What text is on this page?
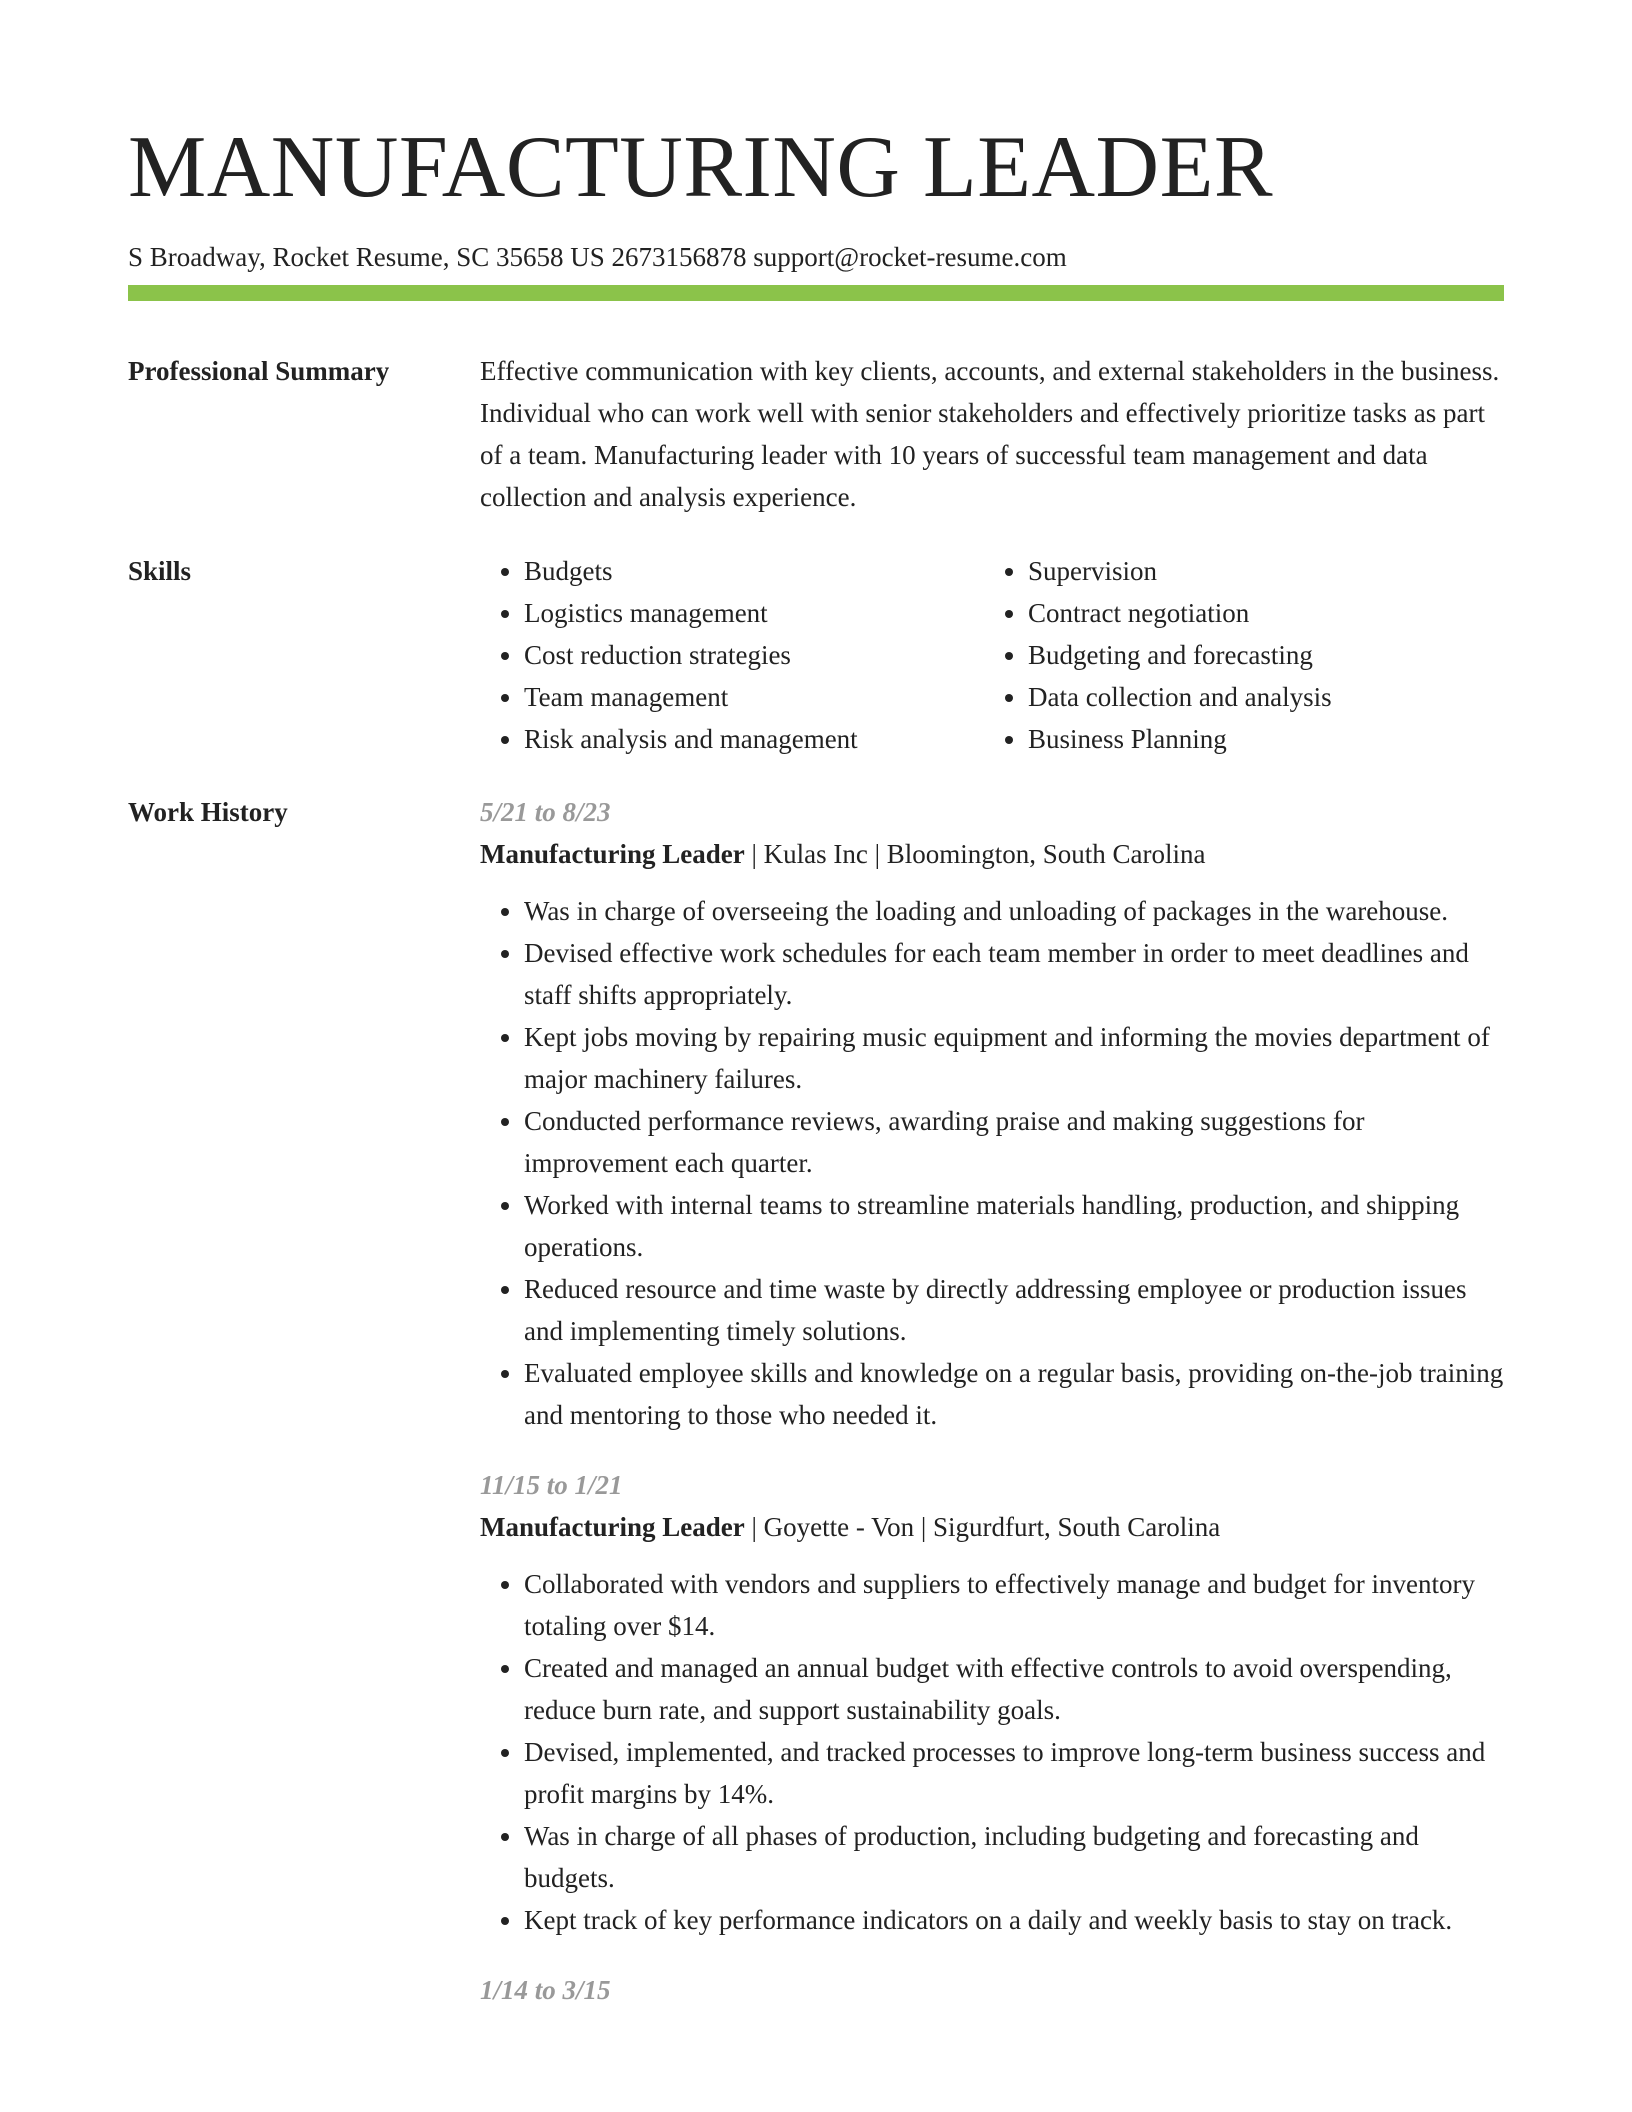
MANUFACTURING LEADER
S Broadway, Rocket Resume, SC 35658 US 2673156878 support@rocket-resume.com
Professional Summary	Effective communication with key clients, accounts, and external stakeholders in the business. Individual who can work well with senior stakeholders and effectively prioritize tasks as part of a team. Manufacturing leader with 10 years of successful team management and data collection and analysis experience.

Skills
•	Budgets
• Logistics management
• Cost reduction strategies
• Team management
• Risk analysis and management
• Supervision
• Contract negotiation
• Budgeting and forecasting
• Data collection and analysis
• Business Planning
Work History	5/21 to 8/23
Manufacturing Leader | Kulas Inc | Bloomington, South Carolina
• Was in charge of overseeing the loading and unloading of packages in the warehouse.
• Devised effective work schedules for each team member in order to meet deadlines and staff shifts appropriately.
• Kept jobs moving by repairing music equipment and informing the movies department of major machinery failures.
• Conducted performance reviews, awarding praise and making suggestions for improvement each quarter.
• Worked with internal teams to streamline materials handling, production, and shipping operations.
• Reduced resource and time waste by directly addressing employee or production issues and implementing timely solutions.
• Evaluated employee skills and knowledge on a regular basis, providing on-the-job training and mentoring to those who needed it.
11/15 to 1/21
Manufacturing Leader | Goyette - Von | Sigurdfurt, South Carolina
• Collaborated with vendors and suppliers to effectively manage and budget for inventory totaling over $14.
• Created and managed an annual budget with effective controls to avoid overspending, reduce burn rate, and support sustainability goals.
• Devised, implemented, and tracked processes to improve long-term business success and profit margins by 14%.
• Was in charge of all phases of production, including budgeting and forecasting and budgets.
• Kept track of key performance indicators on a daily and weekly basis to stay on track.
1/14 to 3/15
